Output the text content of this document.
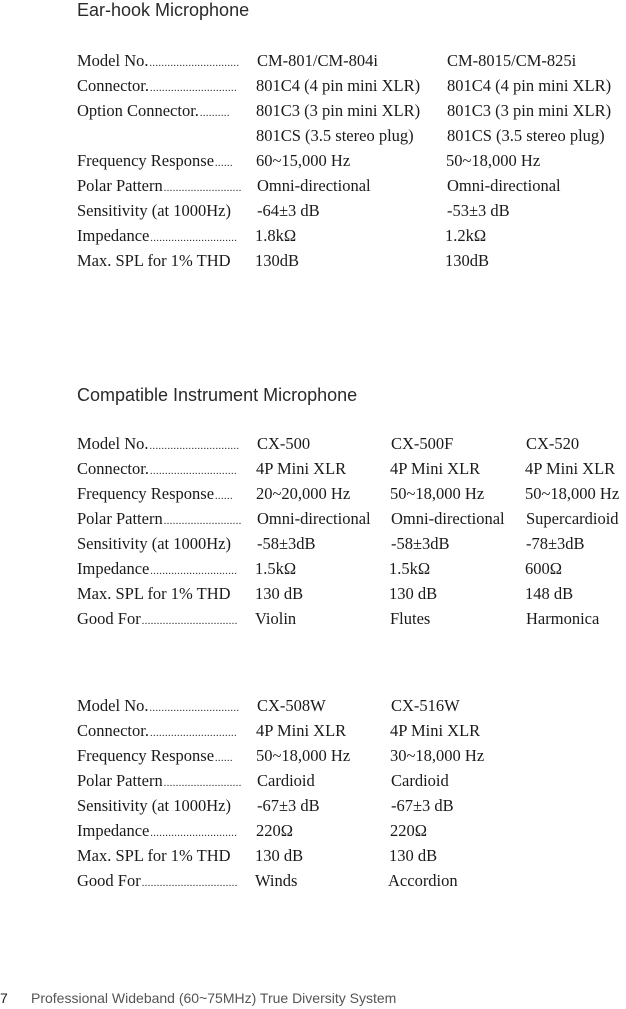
Ear-hook Microphone
Model No............................... CM-801/CM-804i	CM-8015/CM-825i
Connector.............................. 801C4 (4 pin mini XLR) 801C4 (4 pin mini XLR)
Option Connector........... 801C3 (3 pin mini XLR) 801C3 (3 pin mini XLR)
801CS (3.5 stereo plug) 801CS (3.5 stereo plug)
Frequency Response...... 60~15,000 Hz	50~18,000 Hz
Polar Pattern.......................... Omni-directional	Omni-directional
Sensitivity (at 1000Hz) -64±3 dB	-53±3 dB
Impedance............................. 1.8kΩ	1.2kΩ
Max. SPL for 1% THD 130dB	130dB
Compatible Instrument Microphone
Model No............................... CX-500	CX-500F	CX-520
Connector.............................. 4P Mini XLR	4P Mini XLR	4P Mini XLR
Frequency Response...... 20~20,000 Hz 50~18,000 Hz 50~18,000 Hz
Polar Pattern.......................... Omni-directional Omni-directional Supercardioid
Sensitivity (at 1000Hz) -58±3dB	-58±3dB	-78±3dB
Impedance............................. 1.5kΩ	1.5kΩ	600Ω
Max. SPL for 1% THD 130 dB	130 dB	148 dB
Good For................................ Violin	Flutes	Harmonica
Model No............................... CX-508W	CX-516W
Connector.............................. 4P Mini XLR	4P Mini XLR
Frequency Response...... 50~18,000 Hz 30~18,000 Hz
Polar Pattern.......................... Cardioid	Cardioid
Sensitivity (at 1000Hz) -67±3 dB	-67±3 dB
Impedance............................. 220Ω	220Ω
Max. SPL for 1% THD 130 dB	130 dB
Good For................................ Winds	Accordion
7 Professional Wideband (60~75MHz) True Diversity System
